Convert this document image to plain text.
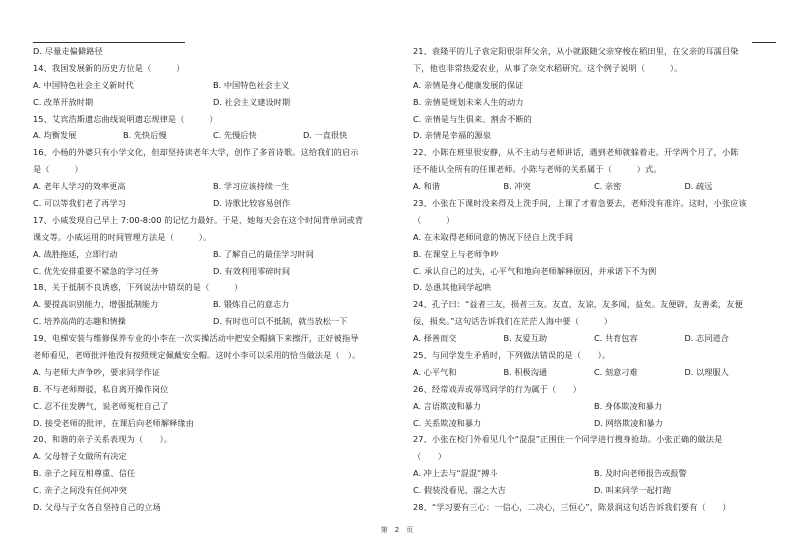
D. 尽量走偏僻路径
14、我国发展新的历史方位是（　　　）
A. 中国特色社会主义新时代	B. 中国特色社会主义
C. 改革开放时期	D. 社会主义建设时期
15、艾宾浩斯遗忘曲线说明遗忘规律是（　　　）
A. 均衡发展	B. 先快后慢	C. 先慢后快	D. 一直很快
16、小杨的外婆只有小学文化，但却坚持读老年大学，创作了多首诗歌。这给我们的启示
是（　　　）
A. 老年人学习的效率更高	B. 学习应该持续一生
C. 可以等我们老了再学习	D. 诗歌比较容易创作
17、小威发现自己早上 7:00-8:00 的记忆力最好。于是，她每天会在这个时间背单词或背
课文等。小威运用的时间管理方法是（　　　）。
A. 战胜拖延，立即行动	B. 了解自己的最佳学习时间
C. 优先安排重要不紧急的学习任务	D. 有效利用零碎时间
18、关于抵制不良诱惑，下列说法中错误的是（　　　）
A. 要提高识别能力，增强抵制能力	B. 锻炼自己的意志力
C. 培养高尚的志趣和情操	D. 有时也可以不抵制，就当放松一下
19、电梯安装与维修保养专业的小李在一次实操活动中把安全帽摘下来擦汗，正好被指导
老师看见，老师批评他没有按照规定佩戴安全帽。这时小李可以采用的恰当做法是（　）。
A. 与老师大声争吵，要求同学作证
B. 不与老师辩驳，私自离开操作岗位
C. 忍不住发脾气，说老师冤枉自己了
D. 接受老师的批评，在课后向老师解释缘由
20、和谐的亲子关系表现为（　　）。
A. 父母替子女做所有决定
B. 亲子之间互相尊重、信任
C. 亲子之间没有任何冲突
D. 父母与子女各自坚持自己的立场
21、袁隆平的儿子袁定阳很崇拜父亲，从小就跟随父亲穿梭在稻田里，在父亲的耳濡目染
下，他也非常热爱农业，从事了杂交水稻研究。这个例子说明（　　　）。
A. 亲情是身心健康发展的保证
B. 亲情是规划未来人生的动力
C. 亲情是与生俱来、割舍不断的
D. 亲情是幸福的源泉
22、小陈在班里很安静，从不主动与老师讲话，遇到老师就躲着走。开学两个月了，小陈
还不能认全所有的任课老师。小陈与老师的关系属于（　　　）式。
A. 和谐	B. 冲突	C. 亲密	D. 疏远
23、小张在下课时没来得及上洗手间，上课了才着急要去，老师没有准许。这时，小张应该
（　　　）
A. 在未取得老师同意的情况下径自上洗手间
B. 在课堂上与老师争吵
C. 承认自己的过失，心平气和地向老师解释原因，并承诺下不为例
D. 怂恿其他同学起哄
24、孔子曰：“益者三友，损者三友。友直，友谅，友多闻，益矣。友便辟，友善柔，友便
佞，损矣。”这句话告诉我们在茫茫人海中要（　　　）
A. 择善而交	B. 友爱互助	C. 共育包容	D. 志同道合
25、与同学发生矛盾时，下列做法错误的是（　　）。
A. 心平气和	B. 积极沟通	C. 刻意刁难	D. 以理服人
26、经常戏弄或辱骂同学的行为属于（　　）
A. 言语欺凌和暴力	B. 身体欺凌和暴力
C. 关系欺凌和暴力	D. 网络欺凌和暴力
27、小张在校门外看见几个“混混”正围住一个同学进行搜身抢劫。小张正确的做法是
（　　）
A. 冲上去与“混混”搏斗	B. 及时向老师报告或报警
C. 假装没看见，溜之大吉	D. 叫来同学一起打跑
28、“学习要有三心：一信心，二决心，三恒心”，陈景润这句话告诉我们要有（　　）
第　2　页
